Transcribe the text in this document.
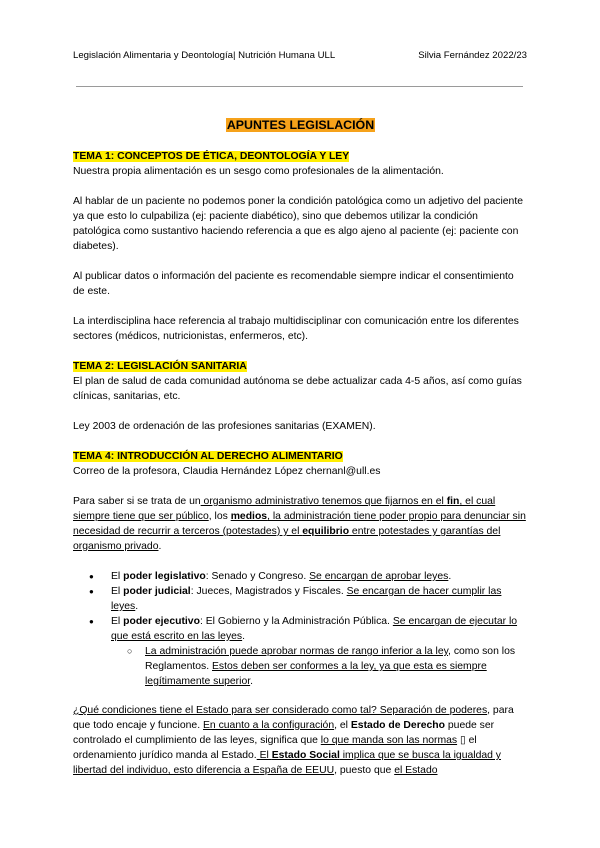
Legislación Alimentaria y Deontología| Nutrición Humana ULL	Silvia Fernández 2022/23
APUNTES LEGISLACIÓN
TEMA 1: CONCEPTOS DE ÉTICA, DEONTOLOGÍA Y LEY

Nuestra propia alimentación es un sesgo como profesionales de la alimentación.

Al hablar de un paciente no podemos poner la condición patológica como un adjetivo del paciente ya que esto lo culpabiliza (ej: paciente diabético), sino que debemos utilizar la condición patológica como sustantivo haciendo referencia a que es algo ajeno al paciente (ej: paciente con diabetes).

Al publicar datos o información del paciente es recomendable siempre indicar el consentimiento de este.

La interdisciplina hace referencia al trabajo multidisciplinar con comunicación entre los diferentes sectores (médicos, nutricionistas, enfermeros, etc).

TEMA 2: LEGISLACIÓN SANITARIA

El plan de salud de cada comunidad autónoma se debe actualizar cada 4-5 años, así como guías clínicas, sanitarias, etc.

Ley 2003 de ordenación de las profesiones sanitarias (EXAMEN).

TEMA 4: INTRODUCCIÓN AL DERECHO ALIMENTARIO

Correo de la profesora, Claudia Hernández López chernanl@ull.es

Para saber si se trata de un organismo administrativo tenemos que fijarnos en el fin, el cual siempre tiene que ser público, los medios, la administración tiene poder propio para denunciar sin necesidad de recurrir a terceros (potestades) y el equilibrio entre potestades y garantías del organismo privado.

● El poder legislativo: Senado y Congreso. Se encargan de aprobar leyes.
● El poder judicial: Jueces, Magistrados y Fiscales. Se encargan de hacer cumplir las leyes.
● El poder ejecutivo: El Gobierno y la Administración Pública. Se encargan de ejecutar lo que está escrito en las leyes.
○ La administración puede aprobar normas de rango inferior a la ley, como son los Reglamentos. Estos deben ser conformes a la ley, ya que esta es siempre legítimamente superior.

¿Qué condiciones tiene el Estado para ser considerado como tal? Separación de poderes, para que todo encaje y funcione. En cuanto a la configuración, el Estado de Derecho puede ser controlado el cumplimiento de las leyes, significa que lo que manda son las normas ▯ el ordenamiento jurídico manda al Estado. El Estado Social implica que se busca la igualdad y libertad del individuo, esto diferencia a España de EEUU, puesto que el Estado
